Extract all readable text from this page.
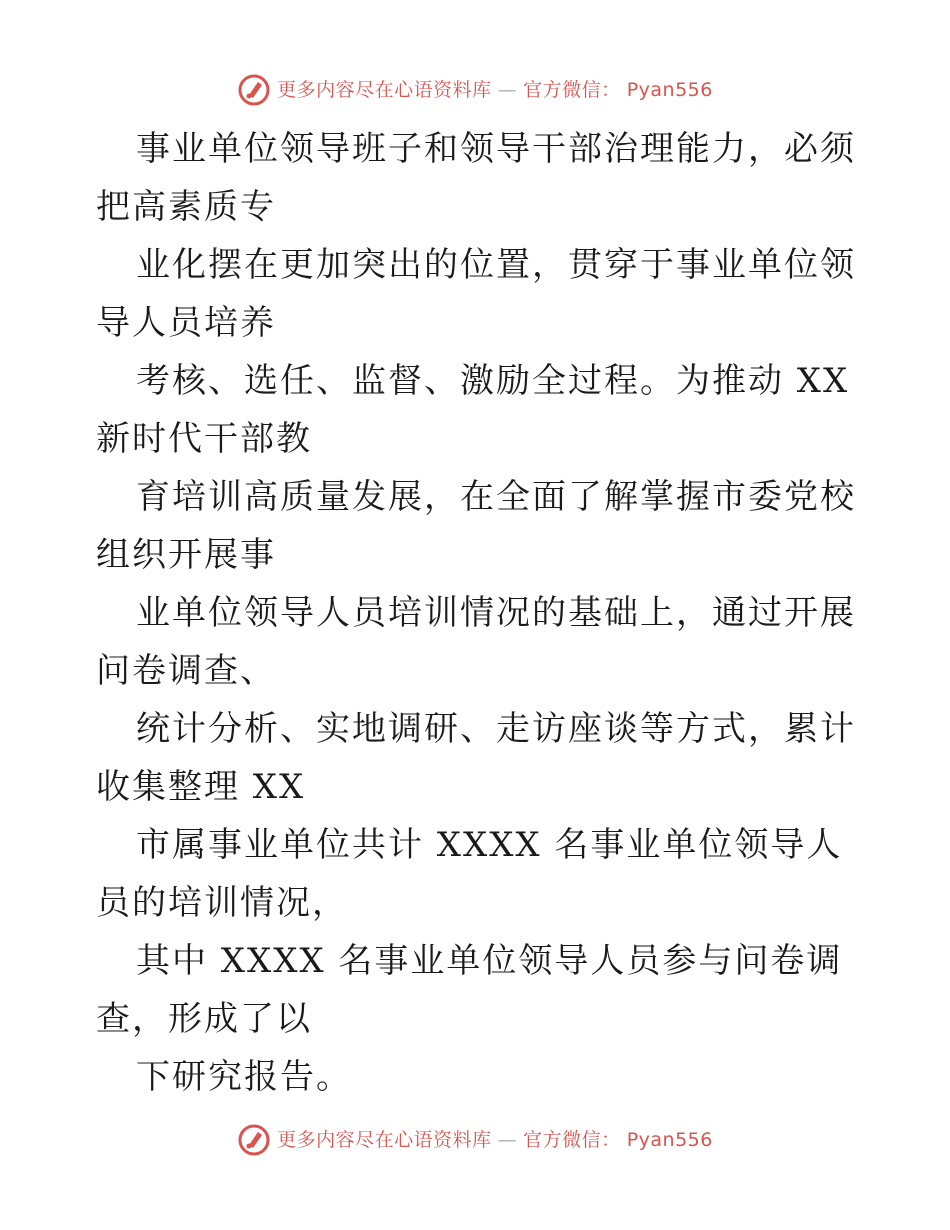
更多内容尽在心语资料库 — 官方微信： Pyan556

事业单位领导班子和领导干部治理能力，必须把高素质专

业化摆在更加突出的位置，贯穿于事业单位领导人员培养

考核、选任、监督、激励全过程。为推动 XX 新时代干部教

育培训高质量发展，在全面了解掌握市委党校组织开展事

业单位领导人员培训情况的基础上，通过开展问卷调查、

统计分析、实地调研、走访座谈等方式，累计收集整理 XX

市属事业单位共计 XXXX 名事业单位领导人员的培训情况，

其中 XXXX 名事业单位领导人员参与问卷调查，形成了以

下研究报告。

更多内容尽在心语资料库 — 官方微信： Pyan556
